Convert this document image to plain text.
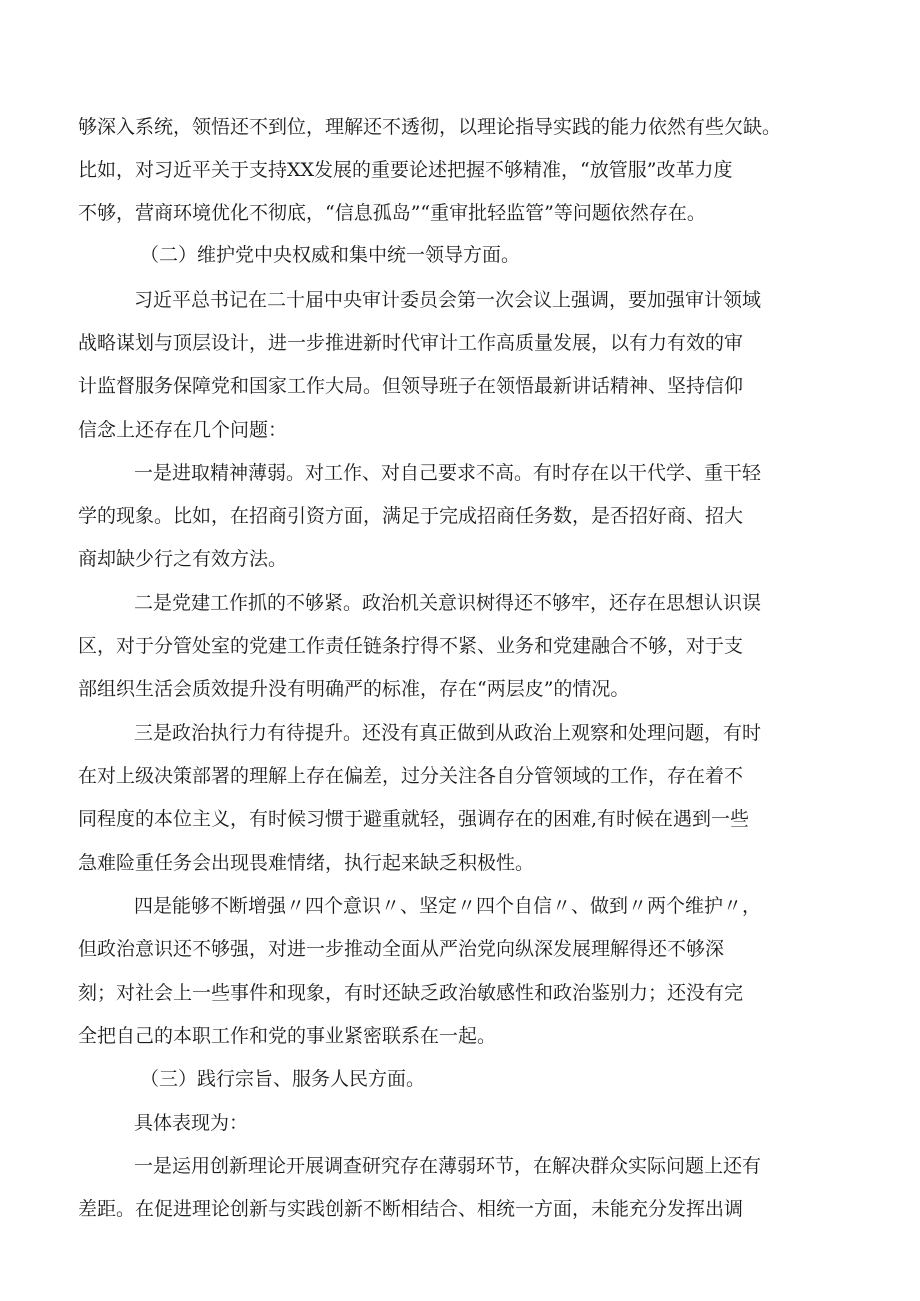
够深入系统，领悟还不到位，理解还不透彻，以理论指导实践的能力依然有些欠缺。
比如，对习近平关于支持XX发展的重要论述把握不够精准，“放管服”改革力度
不够，营商环境优化不彻底，“信息孤岛”“重审批轻监管”等问题依然存在。
（二）维护党中央权威和集中统一领导方面。
习近平总书记在二十届中央审计委员会第一次会议上强调，要加强审计领域
战略谋划与顶层设计，进一步推进新时代审计工作高质量发展，以有力有效的审
计监督服务保障党和国家工作大局。但领导班子在领悟最新讲话精神、坚持信仰
信念上还存在几个问题：
一是进取精神薄弱。对工作、对自己要求不高。有时存在以干代学、重干轻
学的现象。比如，在招商引资方面，满足于完成招商任务数，是否招好商、招大
商却缺少行之有效方法。
二是党建工作抓的不够紧。政治机关意识树得还不够牢，还存在思想认识误
区，对于分管处室的党建工作责任链条拧得不紧、业务和党建融合不够，对于支
部组织生活会质效提升没有明确严的标准，存在“两层皮”的情况。
三是政治执行力有待提升。还没有真正做到从政治上观察和处理问题，有时
在对上级决策部署的理解上存在偏差，过分关注各自分管领域的工作，存在着不
同程度的本位主义，有时候习惯于避重就轻，强调存在的困难,有时候在遇到一些
急难险重任务会出现畏难情绪，执行起来缺乏积极性。
四是能够不断增强〃四个意识〃、坚定〃四个自信〃、做到〃两个维护〃，
但政治意识还不够强，对进一步推动全面从严治党向纵深发展理解得还不够深
刻；对社会上一些事件和现象，有时还缺乏政治敏感性和政治鉴别力；还没有完
全把自己的本职工作和党的事业紧密联系在一起。
（三）践行宗旨、服务人民方面。
具体表现为：
一是运用创新理论开展调查研究存在薄弱环节，在解决群众实际问题上还有
差距。在促进理论创新与实践创新不断相结合、相统一方面，未能充分发挥出调
